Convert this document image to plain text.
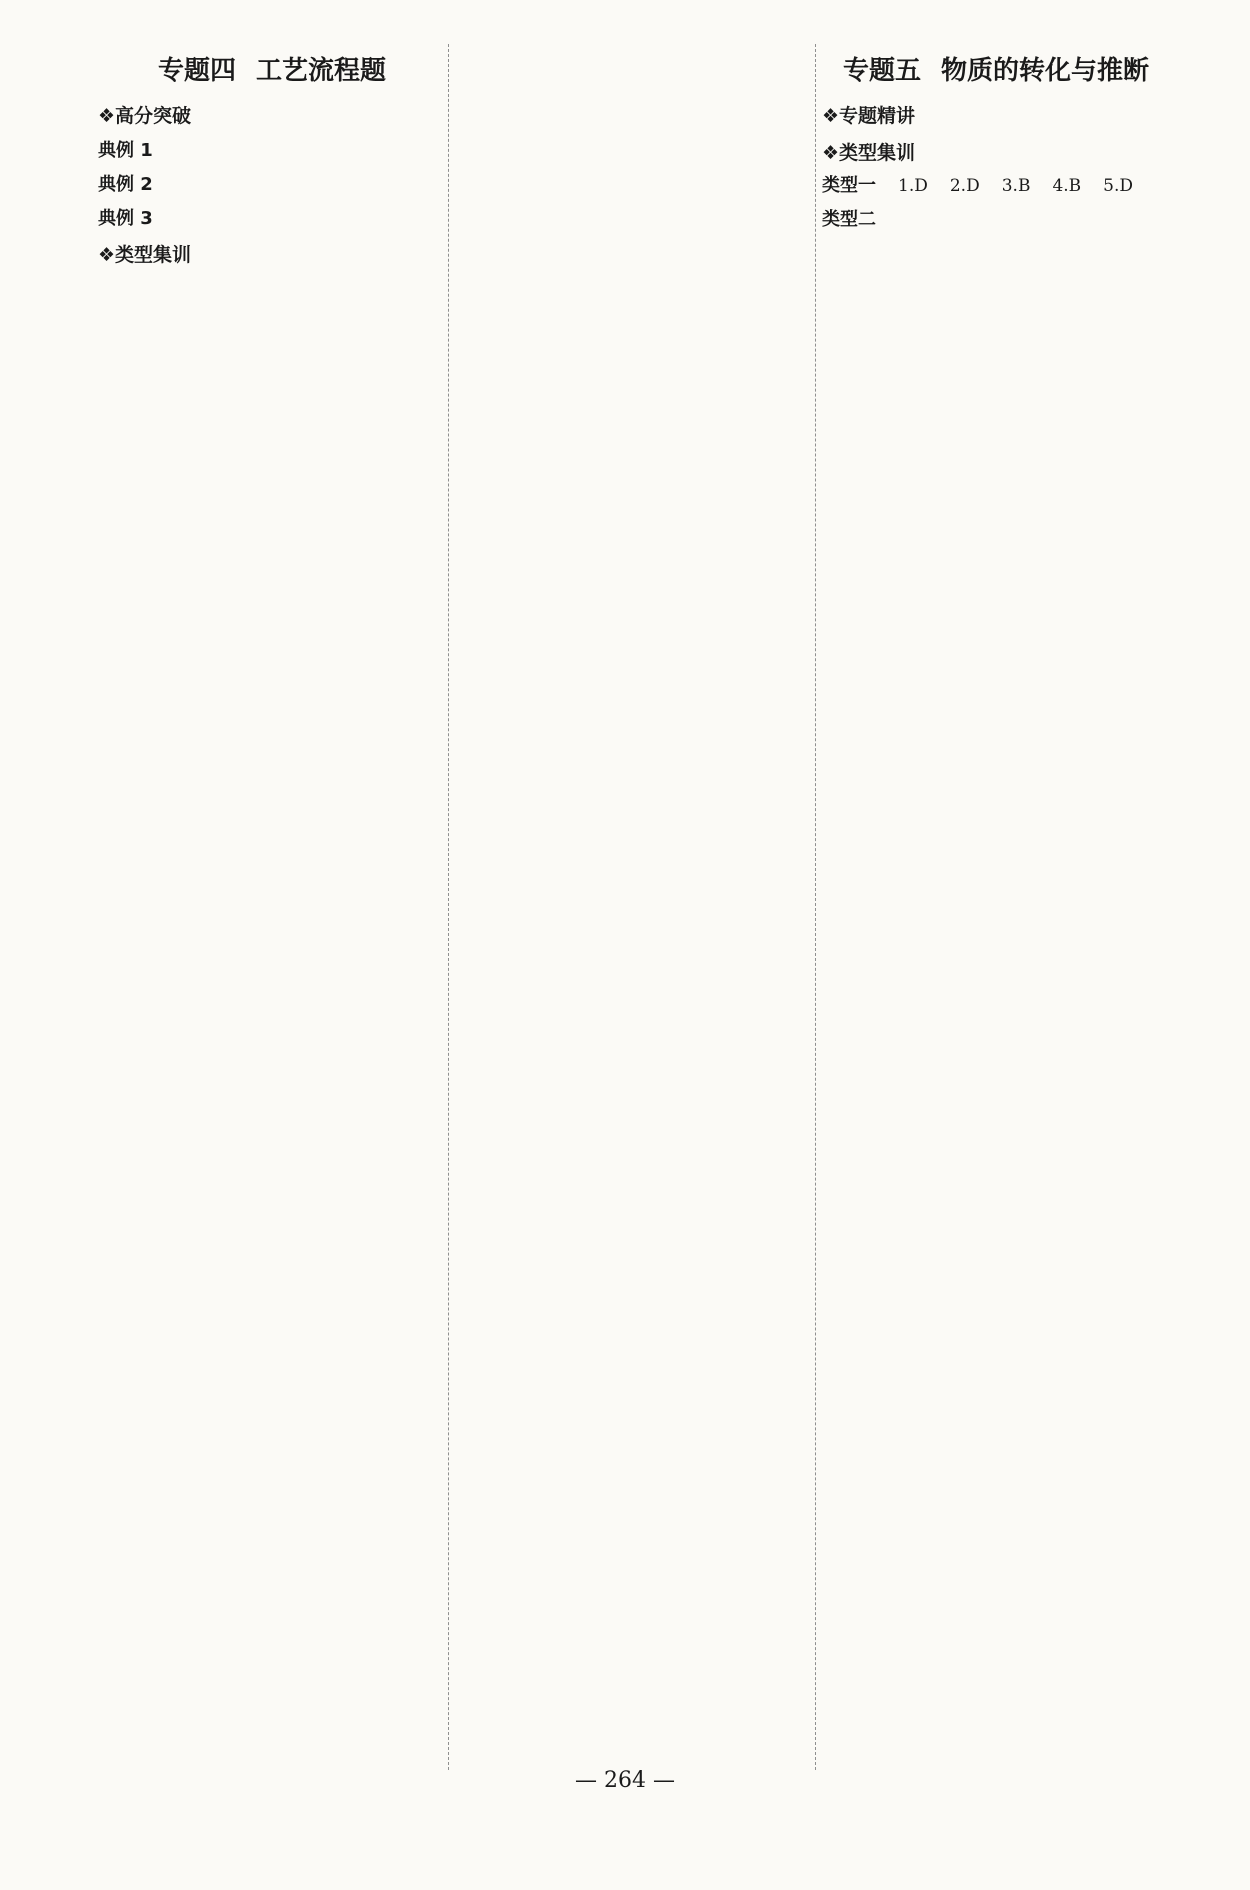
专题四 工艺流程题
❖高分突破
典例 1
典例 2
典例 3
❖类型集训
专题五 物质的转化与推断
❖专题精讲
❖类型集训
类型一 1.D 2.D 3.B 4.B 5.D
类型二
— 264 —
